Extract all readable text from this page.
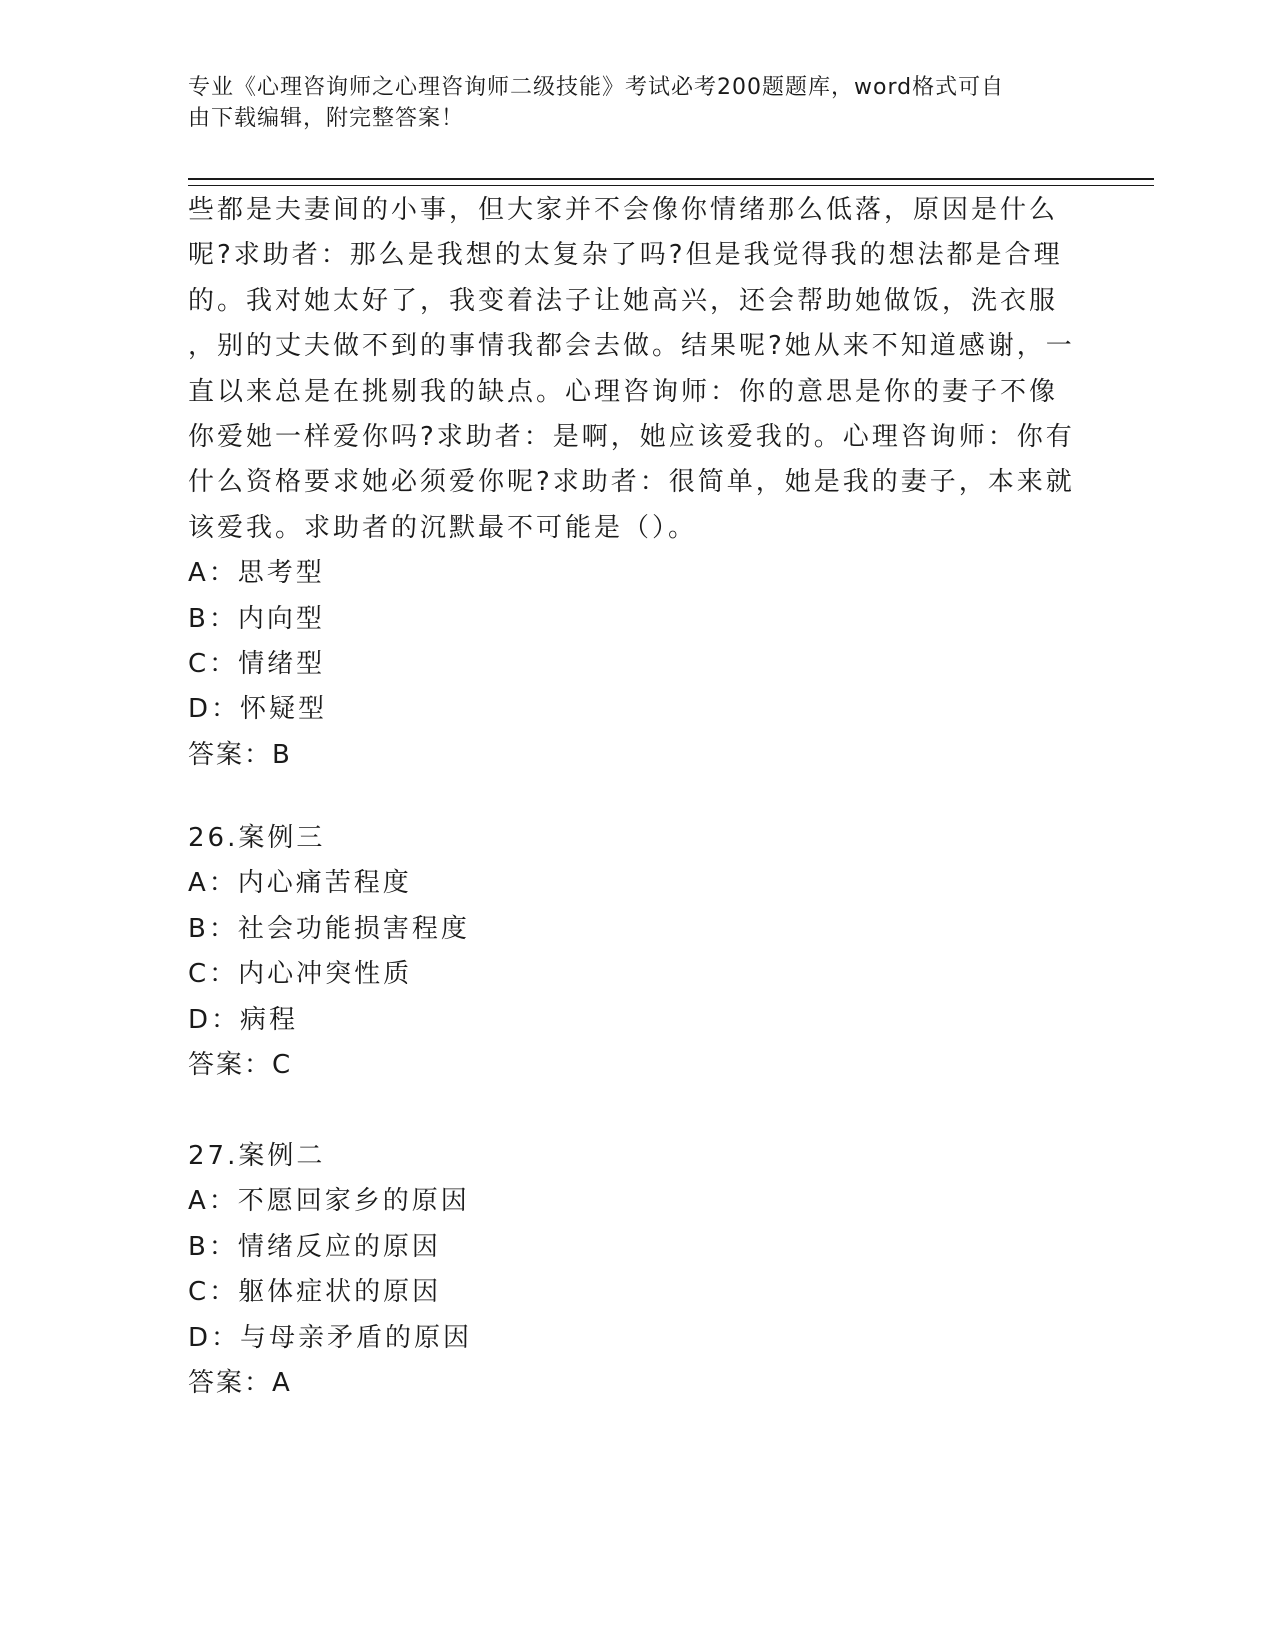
专业《心理咨询师之心理咨询师二级技能》考试必考200题题库，word格式可自
由下载编辑，附完整答案！
些都是夫妻间的小事，但大家并不会像你情绪那么低落，原因是什么
呢?求助者：那么是我想的太复杂了吗?但是我觉得我的想法都是合理
的。我对她太好了，我变着法子让她高兴，还会帮助她做饭，洗衣服
，别的丈夫做不到的事情我都会去做。结果呢?她从来不知道感谢，一
直以来总是在挑剔我的缺点。心理咨询师：你的意思是你的妻子不像
你爱她一样爱你吗?求助者：是啊，她应该爱我的。心理咨询师：你有
什么资格要求她必须爱你呢?求助者：很简单，她是我的妻子，本来就
该爱我。求助者的沉默最不可能是（）。
A：思考型
B：内向型
C：情绪型
D：怀疑型
答案：B
26.案例三
A：内心痛苦程度
B：社会功能损害程度
C：内心冲突性质
D：病程
答案：C
27.案例二
A：不愿回家乡的原因
B：情绪反应的原因
C：躯体症状的原因
D：与母亲矛盾的原因
答案：A
